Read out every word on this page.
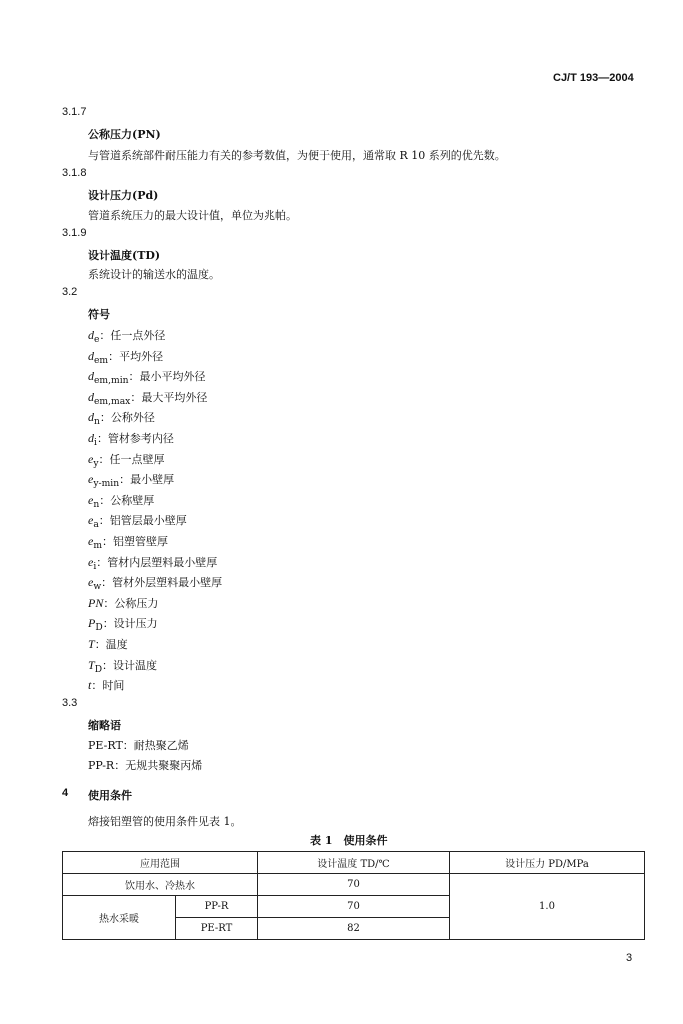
CJ/T 193—2004
3.1.7
公称压力(PN)
与管道系统部件耐压能力有关的参考数值，为便于使用，通常取 R 10 系列的优先数。
3.1.8
设计压力(Pd)
管道系统压力的最大设计值，单位为兆帕。
3.1.9
设计温度(TD)
系统设计的输送水的温度。
3.2
符号
$d_e$：任一点外径
$d_{em}$：平均外径
$d_{em,min}$：最小平均外径
$d_{em,max}$：最大平均外径
$d_n$：公称外径
$d_i$：管材参考内径
$e_y$：任一点壁厚
$e_{y-min}$：最小壁厚
$e_n$：公称壁厚
$e_a$：铝管层最小壁厚
$e_m$：铝塑管壁厚
$e_i$：管材内层塑料最小壁厚
$e_w$：管材外层塑料最小壁厚
PN：公称压力
$P_D$：设计压力
T：温度
$T_D$：设计温度
t：时间
3.3
缩略语
PE-RT：耐热聚乙烯
PP-R：无规共聚聚丙烯
4 使用条件
熔接铝塑管的使用条件见表 1。
表 1　使用条件
应用范围		设计温度 TD/℃	设计压力 PD/MPa
饮用水、冷热水		70	1.0
热水采暖	PP-R	70	
	PE-RT	82	
3
